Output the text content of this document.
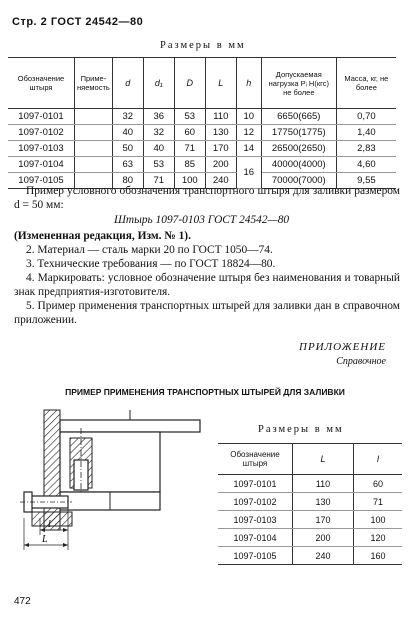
Стр. 2 ГОСТ 24542—80
Размеры в мм
Обозначение штыря	Приме- няемость	d	d₁	D	L	h	Допускаемая нагрузка Pᵢ Н(кгс) не более	Масса, кг, не более
1097-0101		32	36	53	110	10	6650(665)	0,70
1097-0102		40	32	60	130	12	17750(1775)	1,40
1097-0103		50	40	71	170	14	26500(2650)	2,83
1097-0104		63	53	85	200	16	40000(4000)	4,60
1097-0105		80	71	100	240		70000(7000)	9,55
Пример условного обозначения транспортного штыря для заливки размером d = 50 мм:
Штырь 1097-0103 ГОСТ 24542—80
(Измененная редакция, Изм. № 1).
2. Материал — сталь марки 20 по ГОСТ 1050—74.
3. Технические требования — по ГОСТ 18824—80.
4. Маркировать: условное обозначение штыря без наименования и товарный знак предприятия-изготовителя.
5. Пример применения транспортных штырей для заливки дан в справочном приложении.
ПРИЛОЖЕНИЕ
Справочное
ПРИМЕР ПРИМЕНЕНИЯ ТРАНСПОРТНЫХ ШТЫРЕЙ ДЛЯ ЗАЛИВКИ
l
L
Размеры в мм
Обозначение штыря	L	l
1097-0101	110	60
1097-0102	130	71
1097-0103	170	100
1097-0104	200	120
1097-0105	240	160
472
